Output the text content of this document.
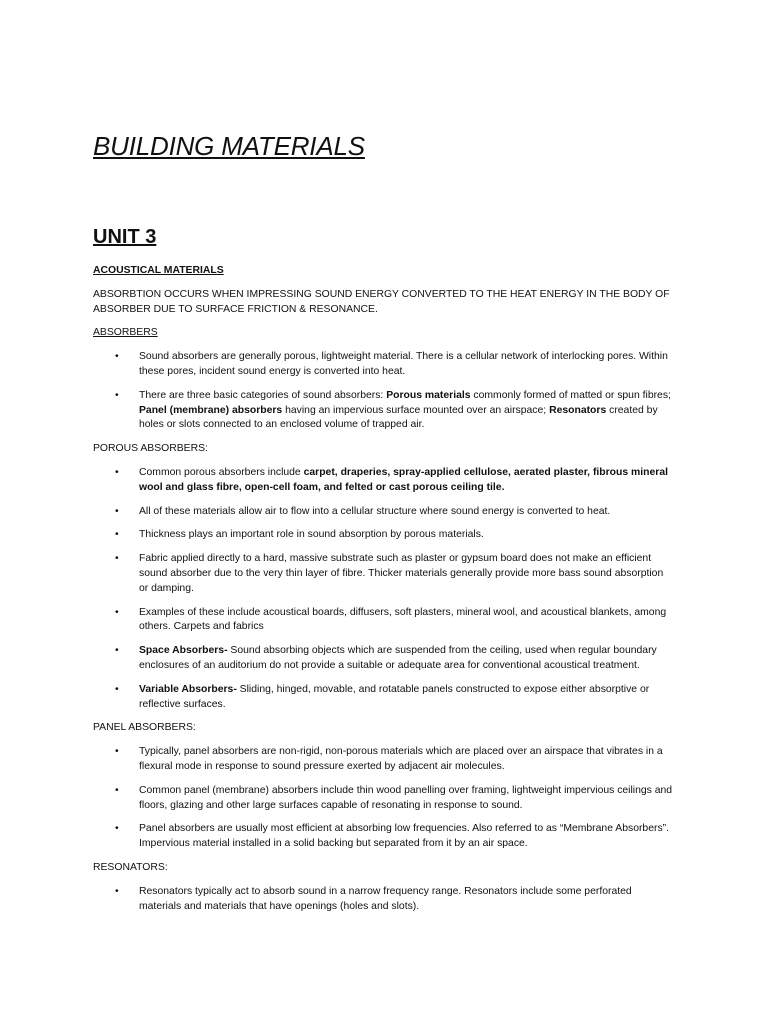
BUILDING MATERIALS
UNIT 3
ACOUSTICAL MATERIALS
ABSORBTION OCCURS WHEN IMPRESSING SOUND ENERGY CONVERTED TO THE HEAT ENERGY IN THE BODY OF ABSORBER DUE TO SURFACE FRICTION & RESONANCE.
ABSORBERS
• Sound absorbers are generally porous, lightweight material. There is a cellular network of interlocking pores. Within these pores, incident sound energy is converted into heat.
• There are three basic categories of sound absorbers: Porous materials commonly formed of matted or spun fibres; Panel (membrane) absorbers having an impervious surface mounted over an airspace; Resonators created by holes or slots connected to an enclosed volume of trapped air.
POROUS ABSORBERS:
• Common porous absorbers include carpet, draperies, spray-applied cellulose, aerated plaster, fibrous mineral wool and glass fibre, open-cell foam, and felted or cast porous ceiling tile.
• All of these materials allow air to flow into a cellular structure where sound energy is converted to heat.
• Thickness plays an important role in sound absorption by porous materials.
• Fabric applied directly to a hard, massive substrate such as plaster or gypsum board does not make an efficient sound absorber due to the very thin layer of fibre. Thicker materials generally provide more bass sound absorption or damping.
• Examples of these include acoustical boards, diffusers, soft plasters, mineral wool, and acoustical blankets, among others. Carpets and fabrics
• Space Absorbers- Sound absorbing objects which are suspended from the ceiling, used when regular boundary enclosures of an auditorium do not provide a suitable or adequate area for conventional acoustical treatment.
• Variable Absorbers- Sliding, hinged, movable, and rotatable panels constructed to expose either absorptive or reflective surfaces.
PANEL ABSORBERS:
• Typically, panel absorbers are non-rigid, non-porous materials which are placed over an airspace that vibrates in a flexural mode in response to sound pressure exerted by adjacent air molecules.
• Common panel (membrane) absorbers include thin wood panelling over framing, lightweight impervious ceilings and floors, glazing and other large surfaces capable of resonating in response to sound.
• Panel absorbers are usually most efficient at absorbing low frequencies. Also referred to as “Membrane Absorbers”. Impervious material installed in a solid backing but separated from it by an air space.
RESONATORS:
• Resonators typically act to absorb sound in a narrow frequency range. Resonators include some perforated materials and materials that have openings (holes and slots).
